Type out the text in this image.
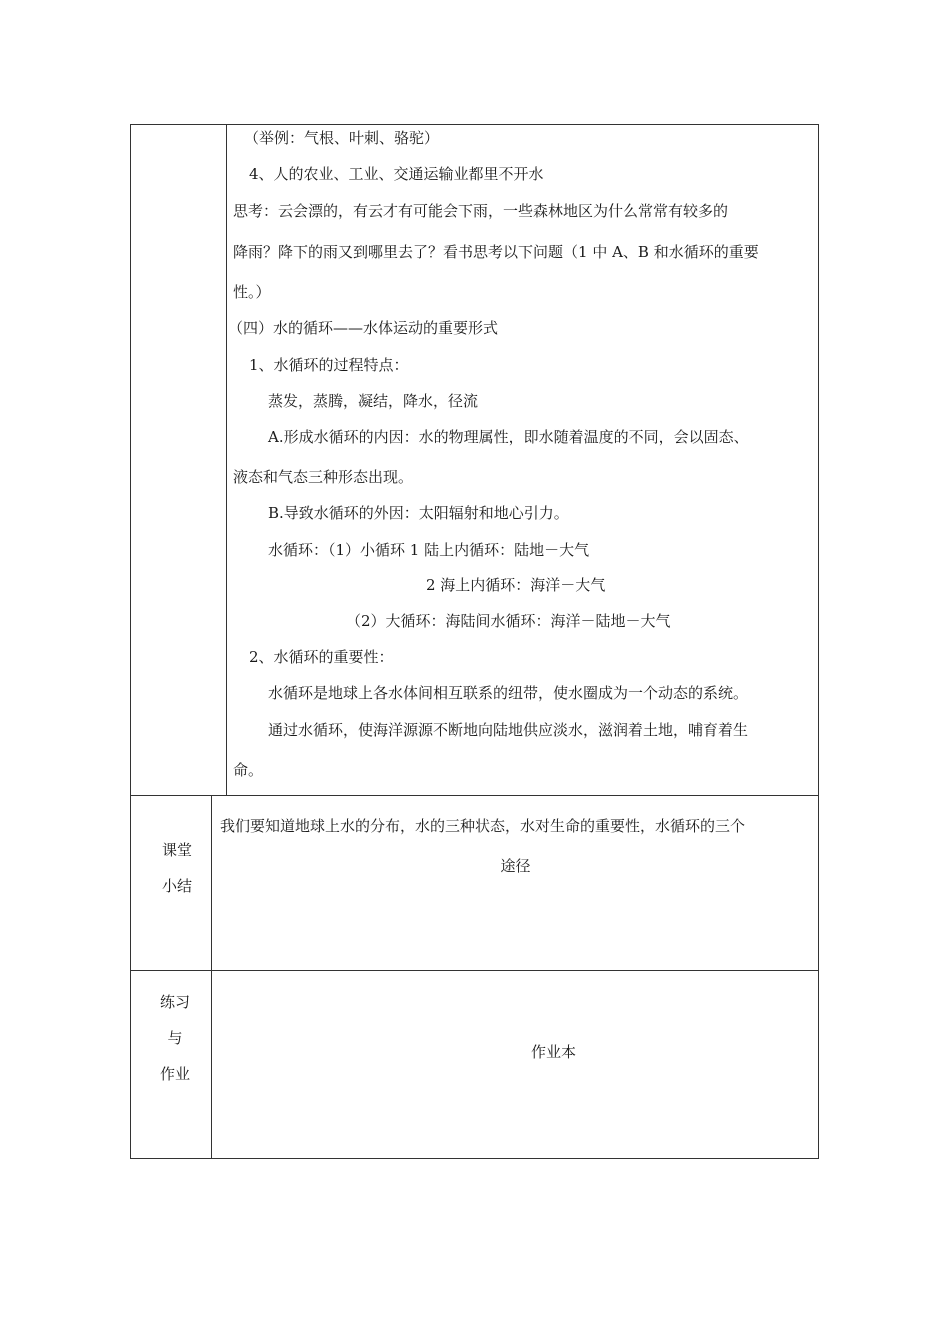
（举例：气根、叶刺、骆驼）
4、人的农业、工业、交通运输业都里不开水
思考：云会漂的，有云才有可能会下雨，一些森林地区为什么常常有较多的
降雨？降下的雨又到哪里去了？看书思考以下问题（1 中 A、B 和水循环的重要
性。）
（四）水的循环——水体运动的重要形式
1、水循环的过程特点：
蒸发，蒸腾，凝结，降水，径流
A.形成水循环的内因：水的物理属性，即水随着温度的不同，会以固态、
液态和气态三种形态出现。
B.导致水循环的外因：太阳辐射和地心引力。
水循环：（1）小循环 1 陆上内循环：陆地－大气
2 海上内循环：海洋－大气
（2）大循环：海陆间水循环：海洋－陆地－大气
2、水循环的重要性：
水循环是地球上各水体间相互联系的纽带，使水圈成为一个动态的系统。
通过水循环，使海洋源源不断地向陆地供应淡水，滋润着土地，哺育着生
命。
课堂
小结
我们要知道地球上水的分布，水的三种状态，水对生命的重要性，水循环的三个
途径
练习
与
作业
作业本
